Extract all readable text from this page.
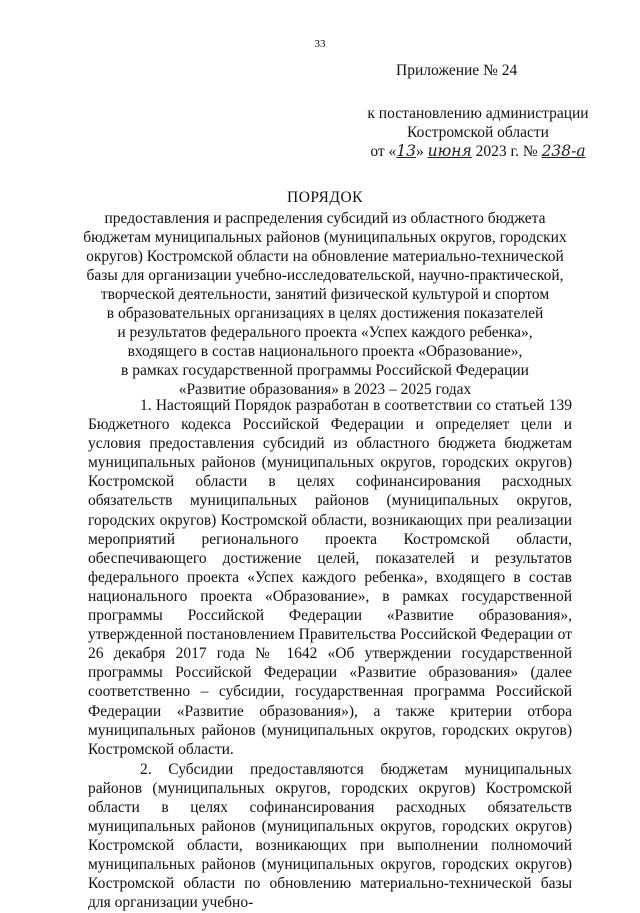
33
Приложение № 24
к постановлению администрации
Костромской области
от «13» июня 2023 г. № 238-а
ПОРЯДОК
предоставления и распределения субсидий из областного бюджета
бюджетам муниципальных районов (муниципальных округов, городских
округов) Костромской области на обновление материально-технической
базы для организации учебно-исследовательской, научно-практической,
творческой деятельности, занятий физической культурой и спортом
в образовательных организациях в целях достижения показателей
и результатов федерального проекта «Успех каждого ребенка»,
входящего в состав национального проекта «Образование»,
в рамках государственной программы Российской Федерации
«Развитие образования» в 2023 – 2025 годах

1. Настоящий Порядок разработан в соответствии со статьей 139 Бюджетного кодекса Российской Федерации и определяет цели и условия предоставления субсидий из областного бюджета бюджетам муниципальных районов (муниципальных округов, городских округов) Костромской области в целях софинансирования расходных обязательств муниципальных районов (муниципальных округов, городских округов) Костромской области, возникающих при реализации мероприятий регионального проекта Костромской области, обеспечивающего достижение целей, показателей и результатов федерального проекта «Успех каждого ребенка», входящего в состав национального проекта «Образование», в рамках государственной программы Российской Федерации «Развитие образования», утвержденной постановлением Правительства Российской Федерации от 26 декабря 2017 года № 1642 «Об утверждении государственной программы Российской Федерации «Развитие образования» (далее соответственно – субсидии, государственная программа Российской Федерации «Развитие образования»), а также критерии отбора муниципальных районов (муниципальных округов, городских округов) Костромской области.

2. Субсидии предоставляются бюджетам муниципальных районов (муниципальных округов, городских округов) Костромской области в целях софинансирования расходных обязательств муниципальных районов (муниципальных округов, городских округов) Костромской области, возникающих при выполнении полномочий муниципальных районов (муниципальных округов, городских округов) Костромской области по обновлению материально-технической базы для организации учебно-
